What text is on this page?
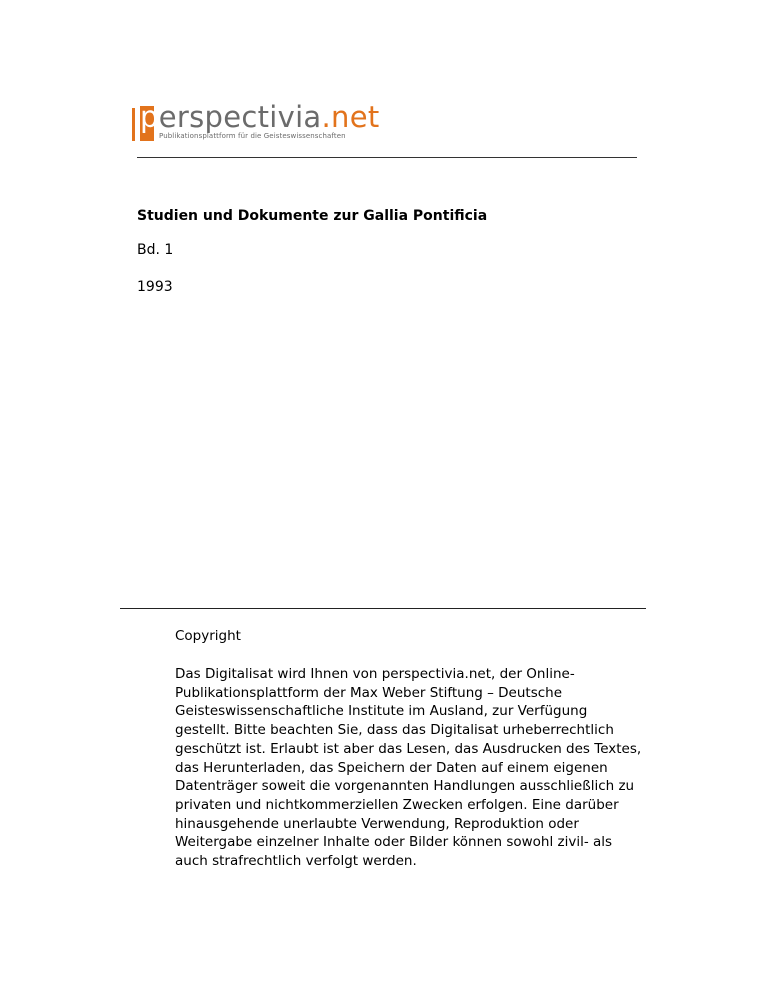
perspectivia.net
Publikationsplattform für die Geisteswissenschaften
Studien und Dokumente zur Gallia Pontificia
Bd. 1
1993
Copyright
Das Digitalisat wird Ihnen von perspectivia.net, der Online-
Publikationsplattform der Max Weber Stiftung – Deutsche
Geisteswissenschaftliche Institute im Ausland, zur Verfügung
gestellt. Bitte beachten Sie, dass das Digitalisat urheberrechtlich
geschützt ist. Erlaubt ist aber das Lesen, das Ausdrucken des Textes,
das Herunterladen, das Speichern der Daten auf einem eigenen
Datenträger soweit die vorgenannten Handlungen ausschließlich zu
privaten und nichtkommerziellen Zwecken erfolgen. Eine darüber
hinausgehende unerlaubte Verwendung, Reproduktion oder
Weitergabe einzelner Inhalte oder Bilder können sowohl zivil- als
auch strafrechtlich verfolgt werden.
